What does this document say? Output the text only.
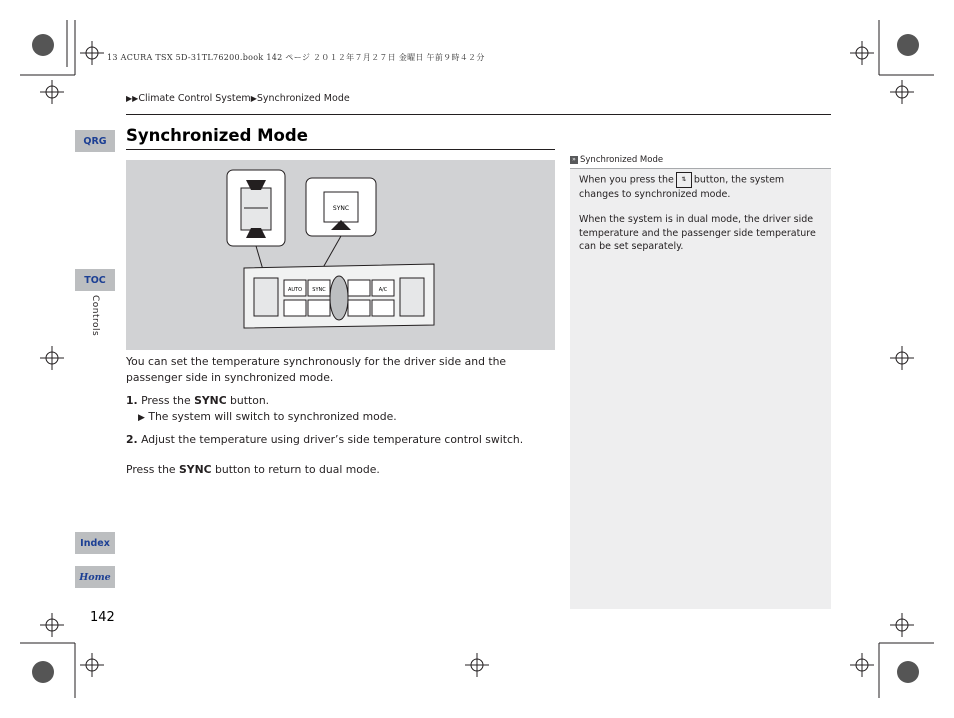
13 ACURA TSX 5D-31TL76200.book 142 ページ ２０１２年７月２７日 金曜日 午前９時４２分
▶▶Climate Control System▶Synchronized Mode
QRG
TOC
Controls
Index
Home
Synchronized Mode
SYNC
AUTO SYNC	A/C
You can set the temperature synchronously for the driver side and the passenger side in synchronized mode.
1. Press the SYNC button.
▶ The system will switch to synchronized mode.
2. Adjust the temperature using driver’s side temperature control switch.
Press the SYNC button to return to dual mode.
» Synchronized Mode
When you press the ⇅ button, the system changes to synchronized mode.
When the system is in dual mode, the driver side temperature and the passenger side temperature can be set separately.
142
